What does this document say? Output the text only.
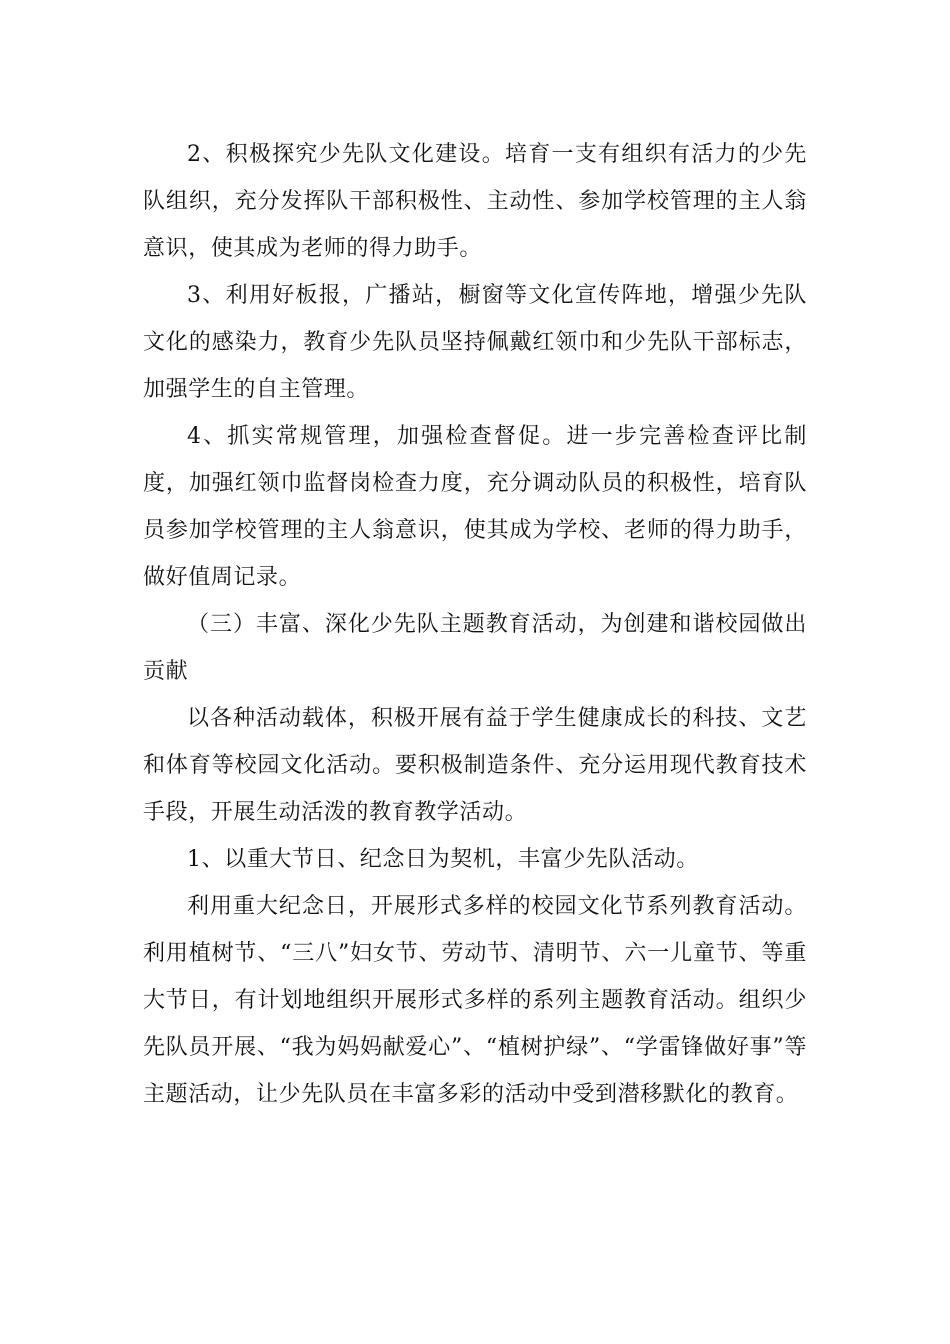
2、积极探究少先队文化建设。培育一支有组织有活力的少先队组织，充分发挥队干部积极性、主动性、参加学校管理的主人翁意识，使其成为老师的得力助手。

3、利用好板报，广播站，橱窗等文化宣传阵地，增强少先队文化的感染力，教育少先队员坚持佩戴红领巾和少先队干部标志，加强学生的自主管理。

4、抓实常规管理，加强检查督促。进一步完善检查评比制度，加强红领巾监督岗检查力度，充分调动队员的积极性，培育队员参加学校管理的主人翁意识，使其成为学校、老师的得力助手，做好值周记录。

（三）丰富、深化少先队主题教育活动，为创建和谐校园做出贡献

以各种活动载体，积极开展有益于学生健康成长的科技、文艺和体育等校园文化活动。要积极制造条件、充分运用现代教育技术手段，开展生动活泼的教育教学活动。

1、以重大节日、纪念日为契机，丰富少先队活动。

利用重大纪念日，开展形式多样的校园文化节系列教育活动。利用植树节、“三八”妇女节、劳动节、清明节、六一儿童节、等重大节日，有计划地组织开展形式多样的系列主题教育活动。组织少先队员开展、“我为妈妈献爱心”、“植树护绿”、“学雷锋做好事”等主题活动，让少先队员在丰富多彩的活动中受到潜移默化的教育。
